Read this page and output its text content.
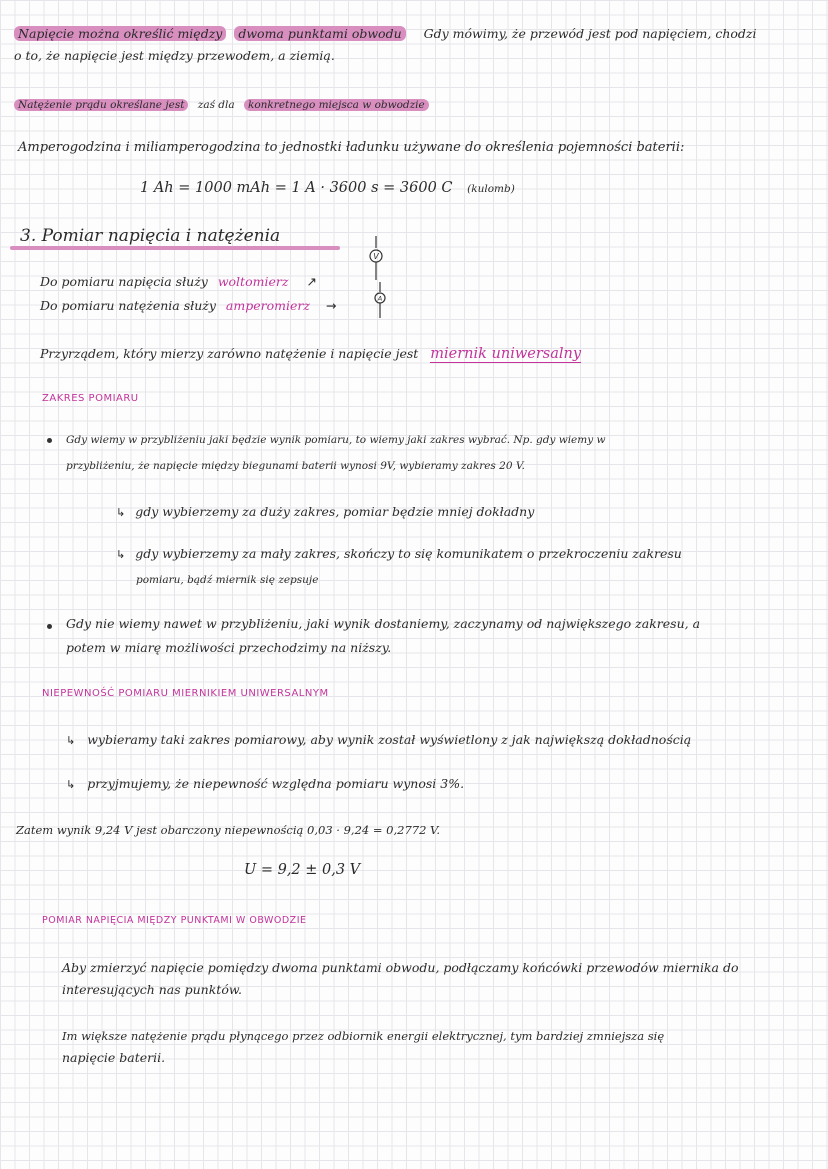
Napięcie można określić między dwoma punktami obwodu Gdy mówimy, że przewód jest pod napięciem, chodzi
o to, że napięcie jest między przewodem, a ziemią.
Natężenie prądu określane jest zaś dla konkretnego miejsca w obwodzie
Amperogodzina i miliamperogodzina to jednostki ładunku używane do określenia pojemności baterii:
1 Ah = 1000 mAh = 1 A · 3600 s = 3600 C (kulomb)
3. Pomiar napięcia i natężenia
Do pomiaru napięcia służy woltomierz ↗
Do pomiaru natężenia służy amperomierz →
V
A
Przyrządem, który mierzy zarówno natężenie i napięcie jest miernik uniwersalny
ZAKRES POMIARU
Gdy wiemy w przybliżeniu jaki będzie wynik pomiaru, to wiemy jaki zakres wybrać. Np. gdy wiemy w
przybliżeniu, że napięcie między biegunami baterii wynosi 9V, wybieramy zakres 20 V.
↳ gdy wybierzemy za duży zakres, pomiar będzie mniej dokładny
↳ gdy wybierzemy za mały zakres, skończy to się komunikatem o przekroczeniu zakresu
pomiaru, bądź miernik się zepsuje
Gdy nie wiemy nawet w przybliżeniu, jaki wynik dostaniemy, zaczynamy od największego zakresu, a
potem w miarę możliwości przechodzimy na niższy.
NIEPEWNOŚĆ POMIARU MIERNIKIEM UNIWERSALNYM
↳ wybieramy taki zakres pomiarowy, aby wynik został wyświetlony z jak największą dokładnością
↳ przyjmujemy, że niepewność względna pomiaru wynosi 3%.
Zatem wynik 9,24 V jest obarczony niepewnością 0,03 · 9,24 = 0,2772 V.
U = 9,2 ± 0,3 V
POMIAR NAPIĘCIA MIĘDZY PUNKTAMI W OBWODZIE
Aby zmierzyć napięcie pomiędzy dwoma punktami obwodu, podłączamy końcówki przewodów miernika do
interesujących nas punktów.
Im większe natężenie prądu płynącego przez odbiornik energii elektrycznej, tym bardziej zmniejsza się
napięcie baterii.
